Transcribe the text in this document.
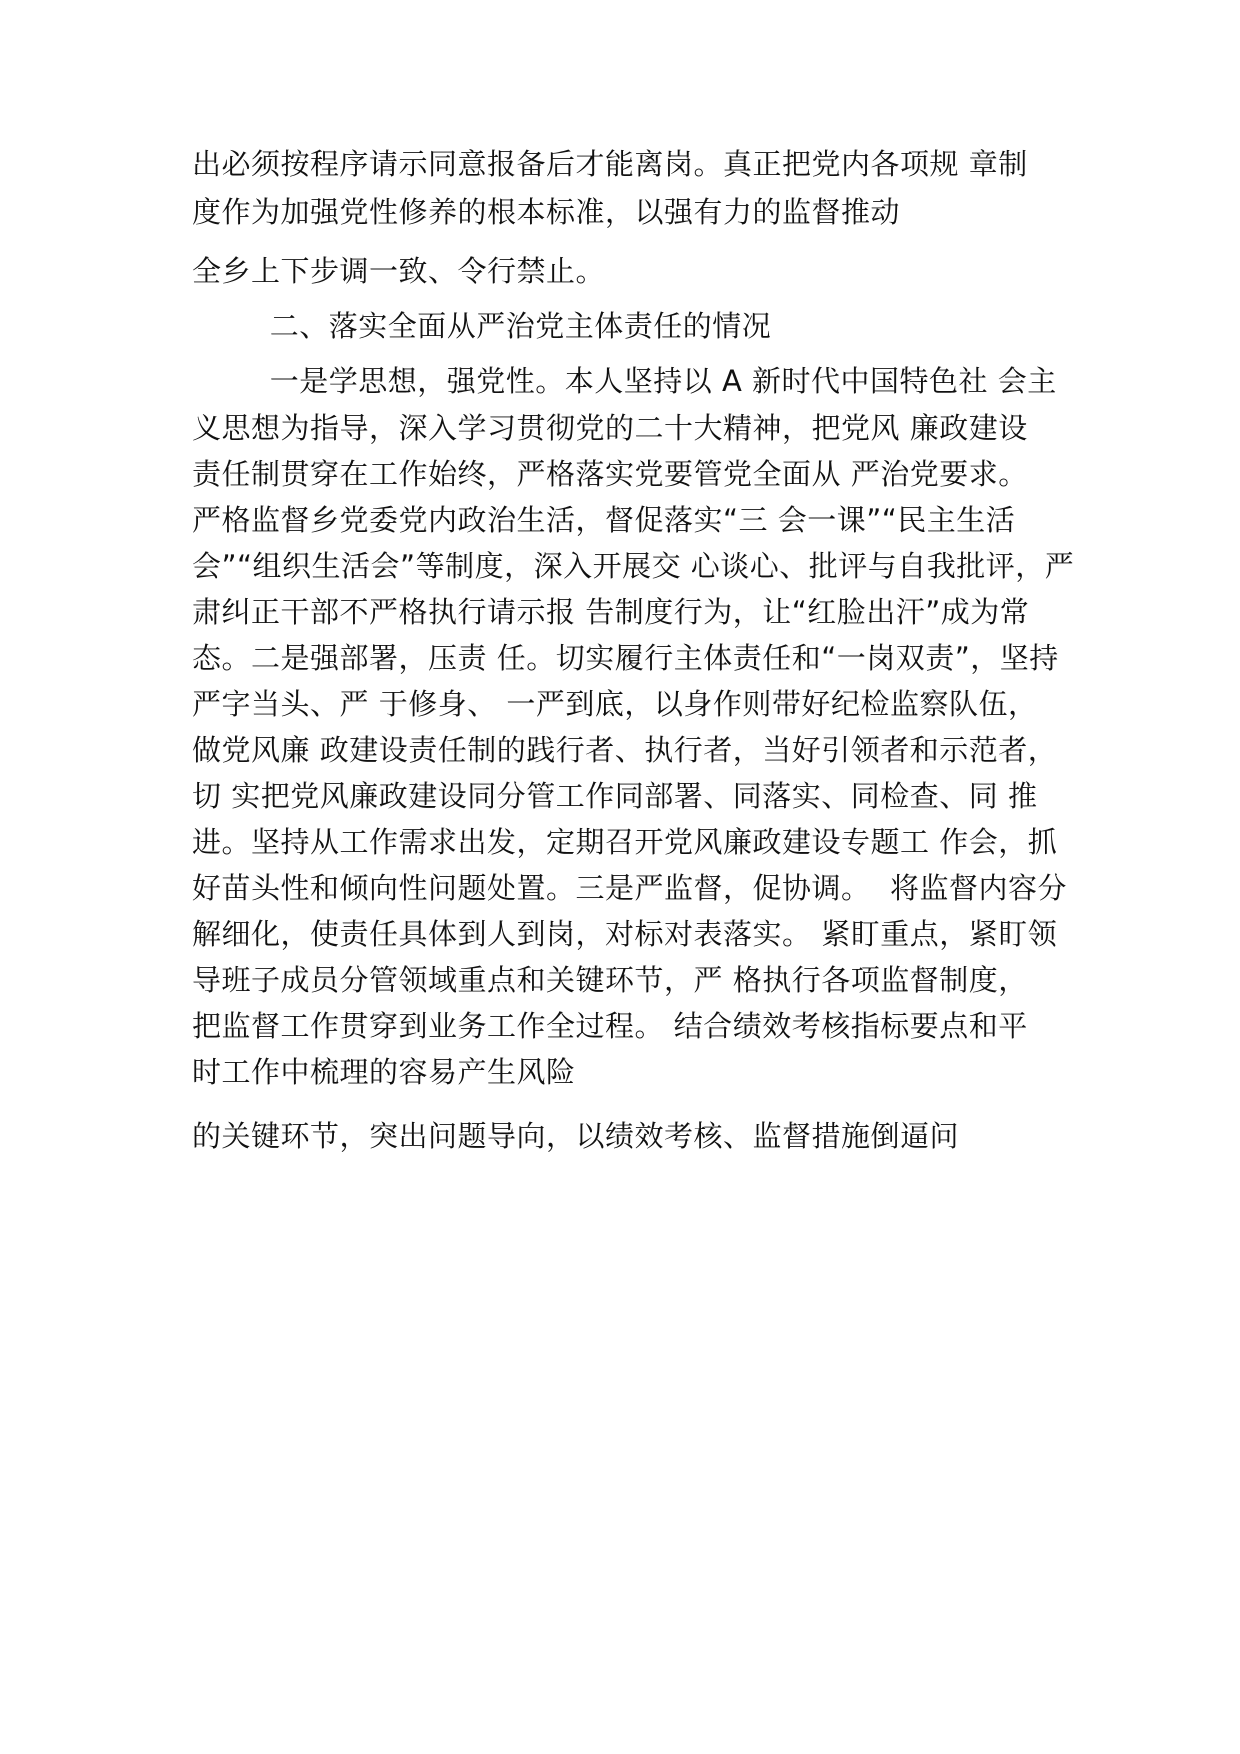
出必须按程序请示同意报备后才能离岗。真正把党内各项规 章制

度作为加强党性修养的根本标准，以强有力的监督推动

全乡上下步调一致、令行禁止。

二、落实全面从严治党主体责任的情况

一是学思想，强党性。本人坚持以 A 新时代中国特色社 会主

义思想为指导，深入学习贯彻党的二十大精神，把党风 廉政建设

责任制贯穿在工作始终，严格落实党要管党全面从 严治党要求。

严格监督乡党委党内政治生活，督促落实“三 会一课”“民主生活

会”“组织生活会”等制度，深入开展交 心谈心、批评与自我批评，严

肃纠正干部不严格执行请示报 告制度行为，让“红脸出汗”成为常

态。二是强部署，压责 任。切实履行主体责任和“一岗双责”，坚持

严字当头、严 于修身、 一严到底，以身作则带好纪检监察队伍，

做党风廉 政建设责任制的践行者、执行者，当好引领者和示范者，

切 实把党风廉政建设同分管工作同部署、同落实、同检查、同 推

进。坚持从工作需求出发，定期召开党风廉政建设专题工 作会，抓

好苗头性和倾向性问题处置。三是严监督，促协调。  将监督内容分

解细化，使责任具体到人到岗，对标对表落实。 紧盯重点，紧盯领

导班子成员分管领域重点和关键环节，严 格执行各项监督制度，

把监督工作贯穿到业务工作全过程。 结合绩效考核指标要点和平

时工作中梳理的容易产生风险

的关键环节，突出问题导向，以绩效考核、监督措施倒逼问
